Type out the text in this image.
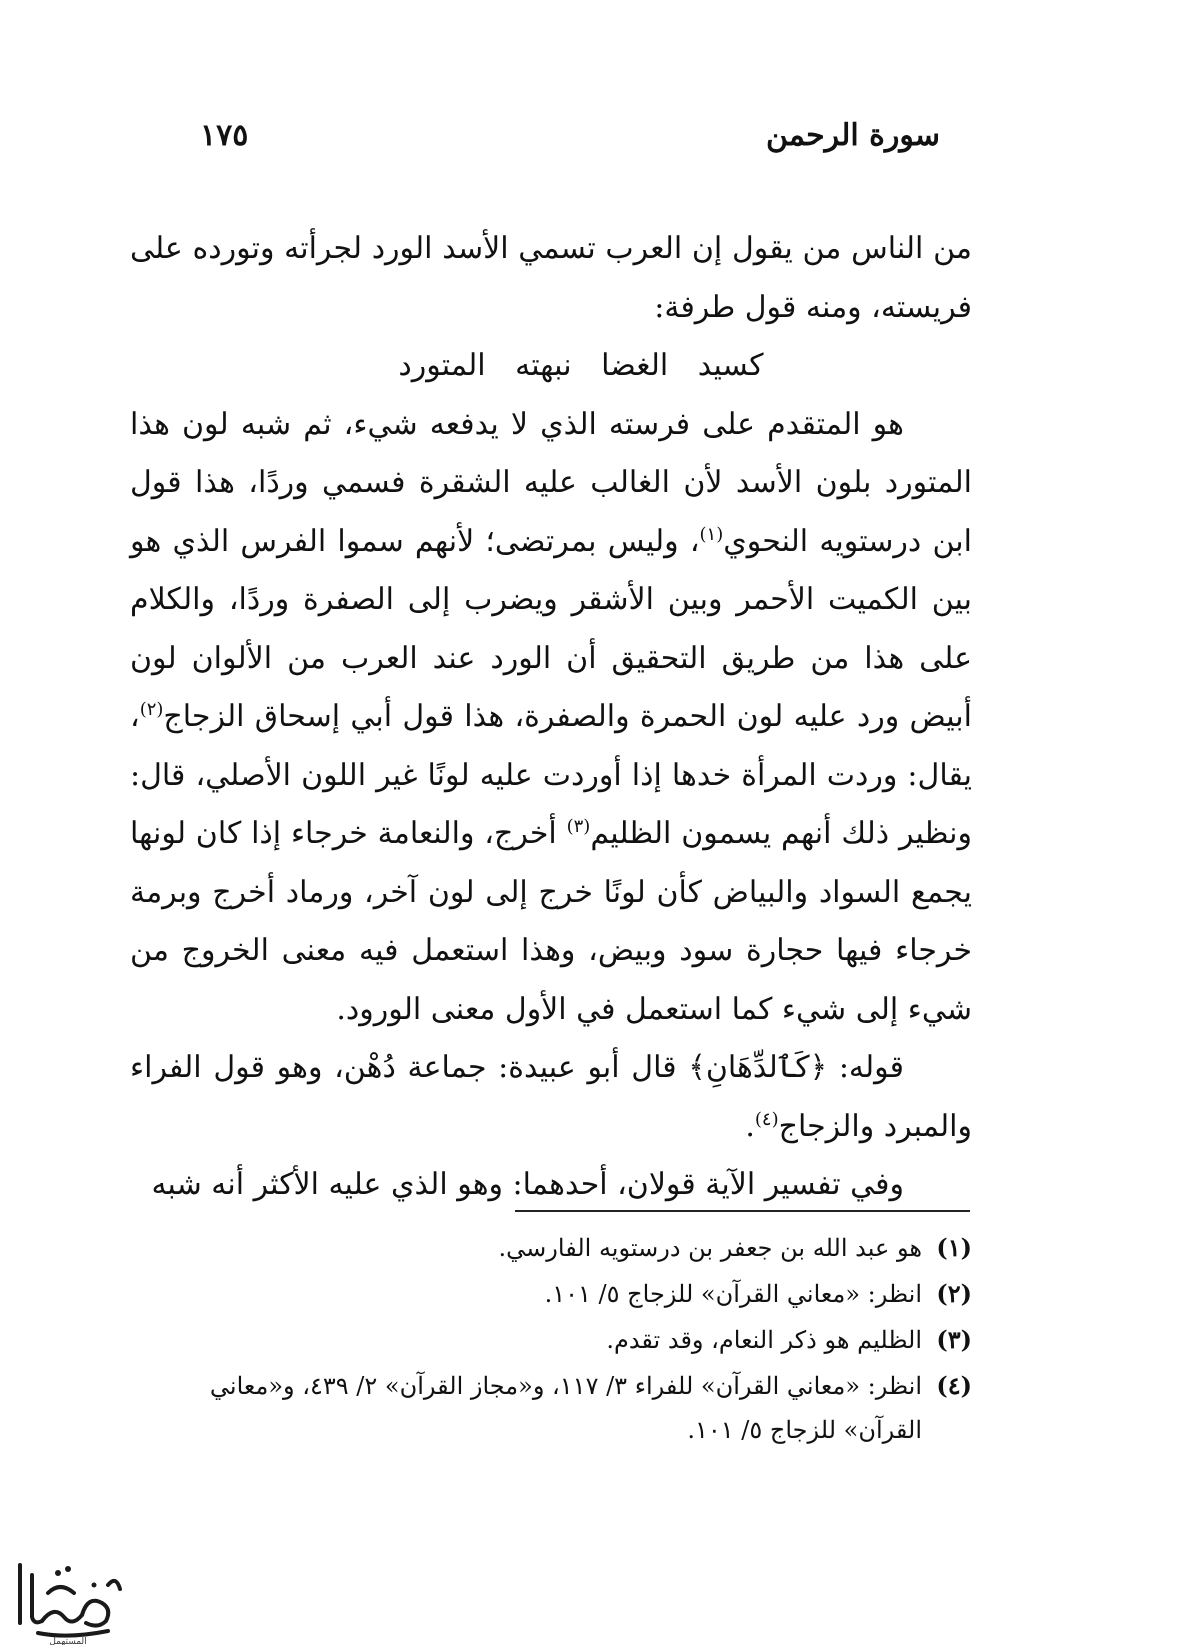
سورة الرحمن
١٧٥

من الناس من يقول إن العرب تسمي الأسد الورد لجرأته وتورده على فريسته، ومنه قول طرفة:

كسيد الغضا نبهته المتورد

هو المتقدم على فرسته الذي لا يدفعه شيء، ثم شبه لون هذا المتورد بلون الأسد لأن الغالب عليه الشقرة فسمي وردًا، هذا قول ابن درستويه النحوي$^{(١)}$، وليس بمرتضى؛ لأنهم سموا الفرس الذي هو بين الكميت الأحمر وبين الأشقر ويضرب إلى الصفرة وردًا، والكلام على هذا من طريق التحقيق أن الورد عند العرب من الألوان لون أبيض ورد عليه لون الحمرة والصفرة، هذا قول أبي إسحاق الزجاج$^{(٢)}$، يقال: وردت المرأة خدها إذا أوردت عليه لونًا غير اللون الأصلي، قال: ونظير ذلك أنهم يسمون الظليم$^{(٣)}$ أخرج، والنعامة خرجاء إذا كان لونها يجمع السواد والبياض كأن لونًا خرج إلى لون آخر، ورماد أخرج وبرمة خرجاء فيها حجارة سود وبيض، وهذا استعمل فيه معنى الخروج من شيء إلى شيء كما استعمل في الأول معنى الورود.

قوله: ﴿كَٱلدِّهَانِ﴾ قال أبو عبيدة: جماعة دُهْن، وهو قول الفراء والمبرد والزجاج$^{(٤)}$.

وفي تفسير الآية قولان، أحدهما: وهو الذي عليه الأكثر أنه شبه

(١)
هو عبد الله بن جعفر بن درستويه الفارسي.
(٢)
انظر: «معاني القرآن» للزجاج ٥/ ١٠١.
(٣)
الظليم هو ذكر النعام، وقد تقدم.
(٤)
انظر: «معاني القرآن» للفراء ٣/ ١١٧، و«مجاز القرآن» ٢/ ٤٣٩، و«معاني القرآن» للزجاج ٥/ ١٠١.
المستهمل
